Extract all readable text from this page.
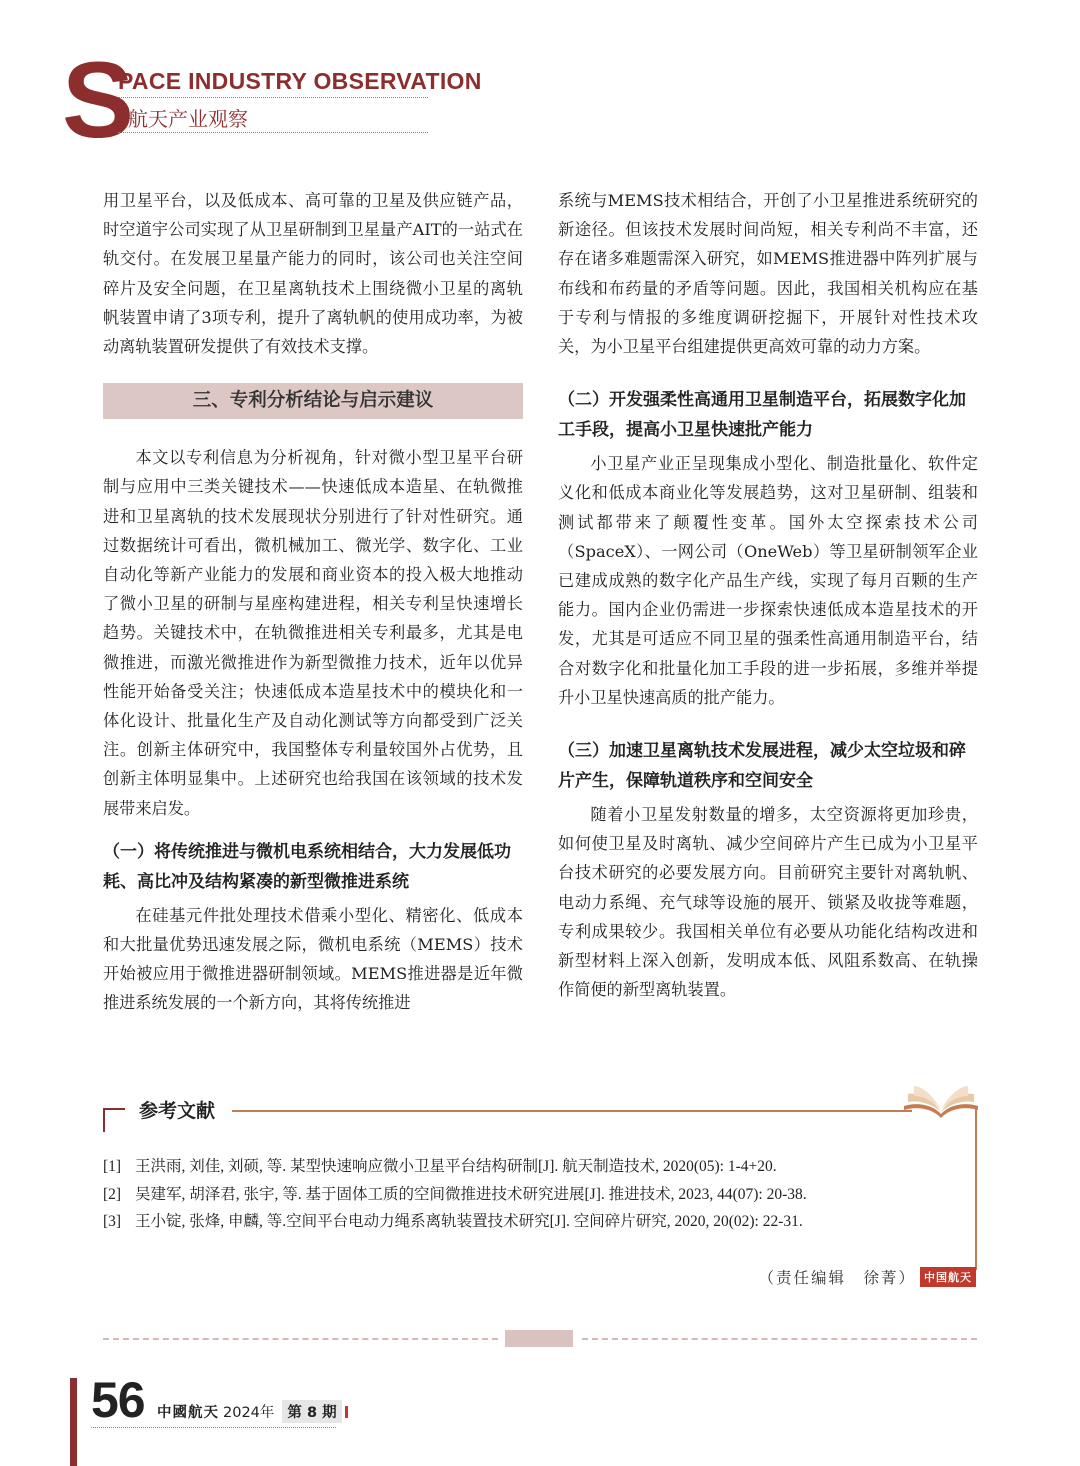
S
PACE INDUSTRY OBSERVATION
航天产业观察

用卫星平台，以及低成本、高可靠的卫星及供应链产品，时空道宇公司实现了从卫星研制到卫星量产AIT的一站式在轨交付。在发展卫星量产能力的同时，该公司也关注空间碎片及安全问题，在卫星离轨技术上围绕微小卫星的离轨帆装置申请了3项专利，提升了离轨帆的使用成功率，为被动离轨装置研发提供了有效技术支撑。

三、专利分析结论与启示建议

本文以专利信息为分析视角，针对微小型卫星平台研制与应用中三类关键技术——快速低成本造星、在轨微推进和卫星离轨的技术发展现状分别进行了针对性研究。通过数据统计可看出，微机械加工、微光学、数字化、工业自动化等新产业能力的发展和商业资本的投入极大地推动了微小卫星的研制与星座构建进程，相关专利呈快速增长趋势。关键技术中，在轨微推进相关专利最多，尤其是电微推进，而激光微推进作为新型微推力技术，近年以优异性能开始备受关注；快速低成本造星技术中的模块化和一体化设计、批量化生产及自动化测试等方向都受到广泛关注。创新主体研究中，我国整体专利量较国外占优势，且创新主体明显集中。上述研究也给我国在该领域的技术发展带来启发。

（一）将传统推进与微机电系统相结合，大力发展低功耗、高比冲及结构紧凑的新型微推进系统

在硅基元件批处理技术借乘小型化、精密化、低成本和大批量优势迅速发展之际，微机电系统（MEMS）技术开始被应用于微推进器研制领域。MEMS推进器是近年微推进系统发展的一个新方向，其将传统推进

系统与MEMS技术相结合，开创了小卫星推进系统研究的新途径。但该技术发展时间尚短，相关专利尚不丰富，还存在诸多难题需深入研究，如MEMS推进器中阵列扩展与布线和布药量的矛盾等问题。因此，我国相关机构应在基于专利与情报的多维度调研挖掘下，开展针对性技术攻关，为小卫星平台组建提供更高效可靠的动力方案。

（二）开发强柔性高通用卫星制造平台，拓展数字化加工手段，提高小卫星快速批产能力

小卫星产业正呈现集成小型化、制造批量化、软件定义化和低成本商业化等发展趋势，这对卫星研制、组装和测试都带来了颠覆性变革。国外太空探索技术公司（SpaceX）、一网公司（OneWeb）等卫星研制领军企业已建成成熟的数字化产品生产线，实现了每月百颗的生产能力。国内企业仍需进一步探索快速低成本造星技术的开发，尤其是可适应不同卫星的强柔性高通用制造平台，结合对数字化和批量化加工手段的进一步拓展，多维并举提升小卫星快速高质的批产能力。

（三）加速卫星离轨技术发展进程，减少太空垃圾和碎片产生，保障轨道秩序和空间安全

随着小卫星发射数量的增多，太空资源将更加珍贵，如何使卫星及时离轨、减少空间碎片产生已成为小卫星平台技术研究的必要发展方向。目前研究主要针对离轨帆、电动力系绳、充气球等设施的展开、锁紧及收拢等难题，专利成果较少。我国相关单位有必要从功能化结构改进和新型材料上深入创新，发明成本低、风阻系数高、在轨操作简便的新型离轨装置。

参考文献
[1] 王洪雨, 刘佳, 刘硕, 等. 某型快速响应微小卫星平台结构研制[J]. 航天制造技术, 2020(05): 1-4+20.
[2] 吴建军, 胡泽君, 张宇, 等. 基于固体工质的空间微推进技术研究进展[J]. 推进技术, 2023, 44(07): 20-38.
[3] 王小锭, 张烽, 申麟, 等.空间平台电动力绳系离轨装置技术研究[J]. 空间碎片研究, 2020, 20(02): 22-31.
（责任编辑　徐菁） 中国航天
56 中國航天 2024年 第 8 期
